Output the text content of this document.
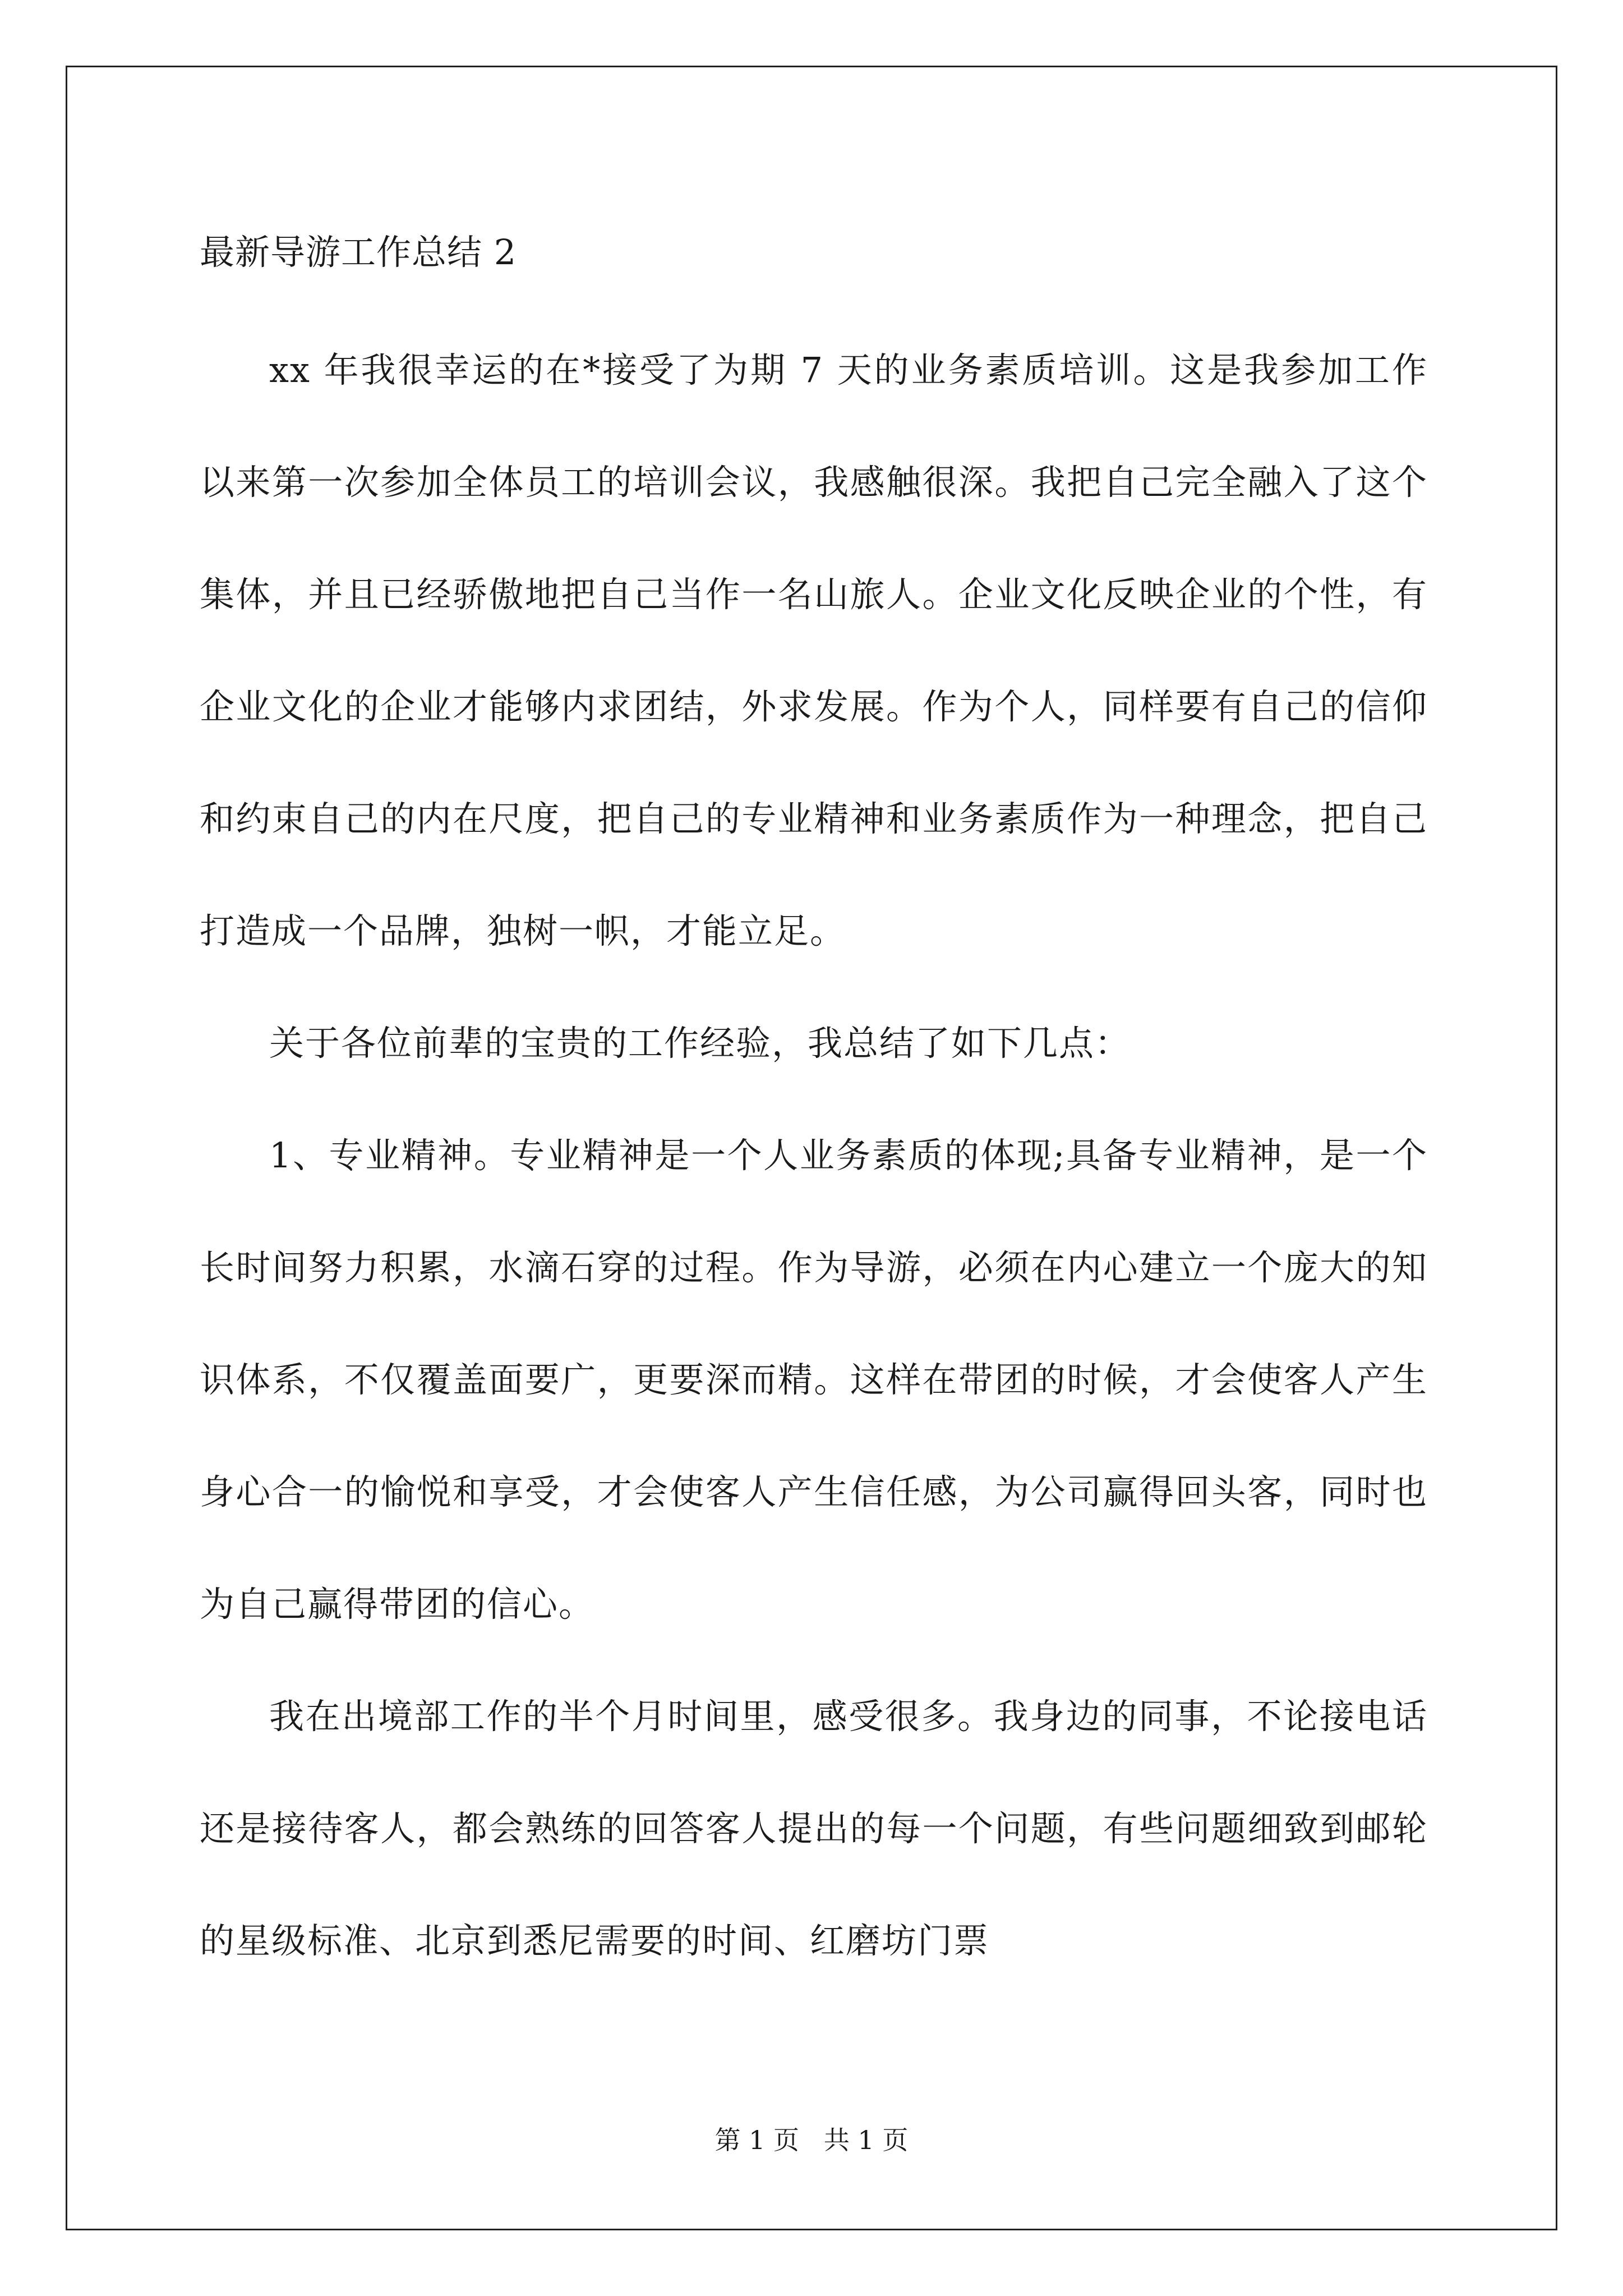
最新导游工作总结 2

xx 年我很幸运的在*接受了为期 7 天的业务素质培训。这是我参加工作以来第一次参加全体员工的培训会议，我感触很深。我把自己完全融入了这个集体，并且已经骄傲地把自己当作一名山旅人。企业文化反映企业的个性，有企业文化的企业才能够内求团结，外求发展。作为个人，同样要有自己的信仰和约束自己的内在尺度，把自己的专业精神和业务素质作为一种理念，把自己打造成一个品牌，独树一帜，才能立足。

关于各位前辈的宝贵的工作经验，我总结了如下几点：

1、专业精神。专业精神是一个人业务素质的体现;具备专业精神，是一个长时间努力积累，水滴石穿的过程。作为导游，必须在内心建立一个庞大的知识体系，不仅覆盖面要广，更要深而精。这样在带团的时候，才会使客人产生身心合一的愉悦和享受，才会使客人产生信任感，为公司赢得回头客，同时也为自己赢得带团的信心。

我在出境部工作的半个月时间里，感受很多。我身边的同事，不论接电话还是接待客人，都会熟练的回答客人提出的每一个问题，有些问题细致到邮轮的星级标准、北京到悉尼需要的时间、红磨坊门票

第 1 页   共 1 页
